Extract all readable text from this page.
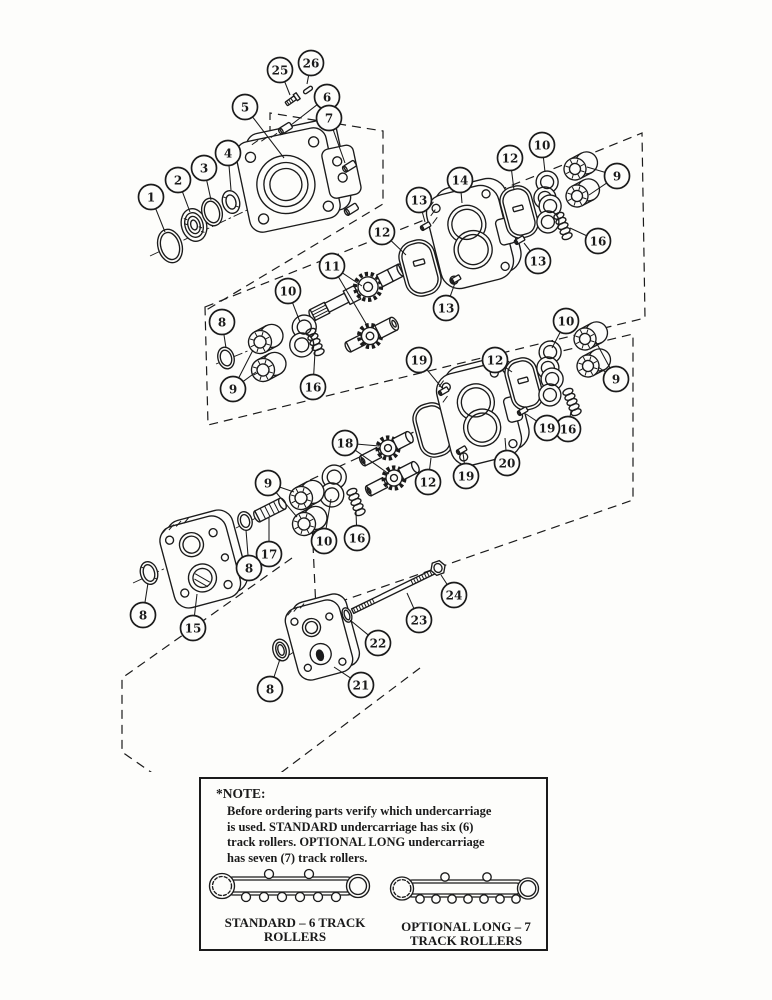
1
2
3
4
5
25 26
6
7
12
13
14
12
10
9
16
13
13
11
10
8
9	16
19	12
10
9
16
19
20
19
12
18
9
10 16
17
8
8
15
24
23
22
21
8
*NOTE:
Before ordering parts verify which undercarriage
is used. STANDARD undercarriage has six (6)
track rollers. OPTIONAL LONG undercarriage
has seven (7) track rollers.
STANDARD – 6 TRACK
ROLLERS
OPTIONAL LONG – 7
TRACK ROLLERS
